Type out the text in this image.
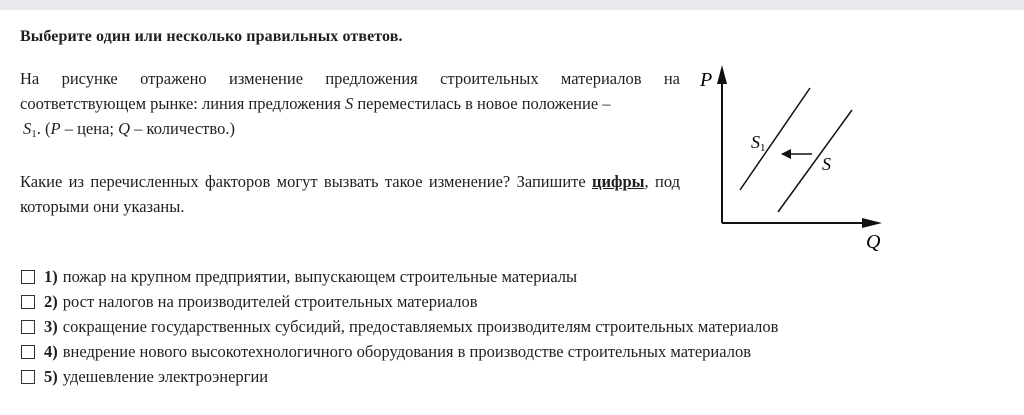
Выберите один или несколько правильных ответов.
На рисунке отражено изменение предложения строительных материалов на соответствующем рынке: линия предложения S переместилась в новое положение –
$S_1$. (P – цена; Q – количество.)
Какие из перечисленных факторов могут вызвать такое изменение? Запишите цифры, под которыми они указаны.
P
Q
S1
S
1) пожар на крупном предприятии, выпускающем строительные материалы
2) рост налогов на производителей строительных материалов
3) сокращение государственных субсидий, предоставляемых производителям строительных материалов
4) внедрение нового высокотехнологичного оборудования в производстве строительных материалов
5) удешевление электроэнергии
